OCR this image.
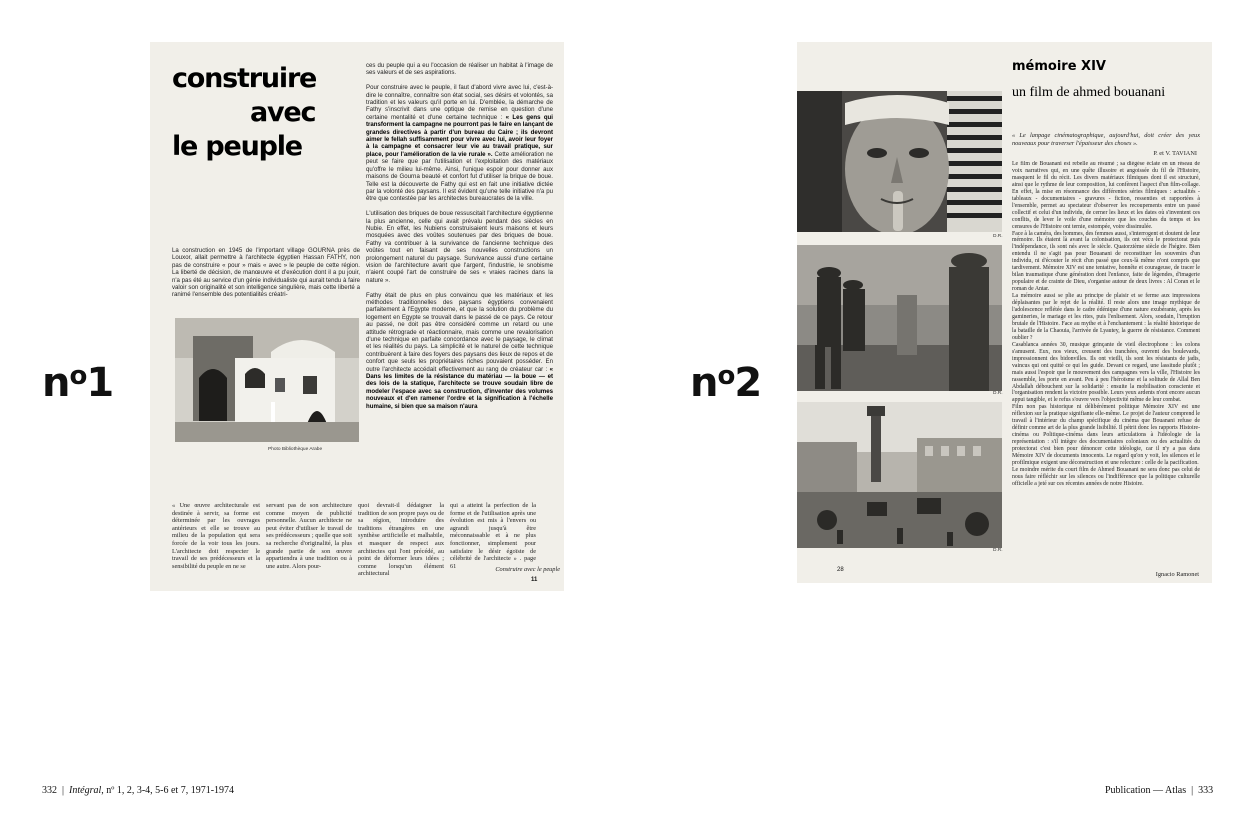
$n^o1$
construire
avec
le peuple
La construction en 1945 de l'important village GOURNA près de Louxor, allait permettre à l'architecte égyptien Hassan FATHY, non pas de construire « pour » mais « avec » le peuple de cette région. La liberté de décision, de manœuvre et d'exécution dont il a pu jouir, n'a pas été au service d'un génie individualiste qui aurait tendu à faire valoir son originalité et son intelligence singulière, mais cette liberté a ranimé l'ensemble des potentialités créatri-
Photo Bibliothèque Arabe
ces du peuple qui a eu l'occasion de réaliser un habitat à l'image de ses valeurs et de ses aspirations.

Pour construire avec le peuple, il faut d'abord vivre avec lui, c'est-à-dire le connaître, connaître son état social, ses désirs et volontés, sa tradition et les valeurs qu'il porte en lui. D'emblée, la démarche de Fathy s'inscrivit dans une optique de remise en question d'une certaine mentalité et d'une certaine technique : « Les gens qui transforment la campagne ne pourront pas le faire en lançant de grandes directives à partir d'un bureau du Caire ; ils devront aimer le fellah suffisamment pour vivre avec lui, avoir leur foyer à la campagne et consacrer leur vie au travail pratique, sur place, pour l'amélioration de la vie rurale ». Cette amélioration ne peut se faire que par l'utilisation et l'exploitation des matériaux qu'offre le milieu lui-même. Ainsi, l'unique espoir pour donner aux maisons de Gourna beauté et confort fut d'utiliser la brique de boue. Telle est la découverte de Fathy qui est en fait une initiative dictée par la volonté des paysans. Il est évident qu'une telle initiative n'a pu être que contestée par les architectes bureaucrates de la ville.

L'utilisation des briques de boue ressuscitait l'architecture égyptienne la plus ancienne, celle qui avait prévalu pendant des siècles en Nubie. En effet, les Nubiens construisaient leurs maisons et leurs mosquées avec des voûtes soutenues par des briques de boue. Fathy va contribuer à la survivance de l'ancienne technique des voûtes tout en faisant de ses nouvelles constructions un prolongement naturel du paysage. Survivance aussi d'une certaine vision de l'architecture avant que l'argent, l'industrie, le snobisme n'aient coupé l'art de construire de ses « vraies racines dans la nature ».

Fathy était de plus en plus convaincu que les matériaux et les méthodes traditionnelles des paysans égyptiens convenaient parfaitement à l'Egypte moderne, et que la solution du problème du logement en Egypte se trouvait dans le passé de ce pays. Ce retour au passé, ne doit pas être considéré comme un retard ou une attitude rétrograde et réactionnaire, mais comme une revalorisation d'une technique en parfaite concordance avec le paysage, le climat et les réalités du pays. La simplicité et le naturel de cette technique contribuèrent à faire des foyers des paysans des lieux de repos et de confort que seuls les propriétaires riches pouvaient posséder. En outre l'architecte accédait effectivement au rang de créateur car : « Dans les limites de la résistance du matériau — la boue — et des lois de la statique, l'architecte se trouve soudain libre de modeler l'espace avec sa construction, d'inventer des volumes nouveaux et d'en ramener l'ordre et la signification à l'échelle humaine, si bien que sa maison n'aura
« Une œuvre architecturale est destinée à servir, sa forme est déterminée par les ouvrages antérieurs et elle se trouve au milieu de la population qui sera forcée de la voir tous les jours. L'architecte doit respecter le travail de ses prédécesseurs et la sensibilité du peuple en ne se
servant pas de son architecture comme moyen de publicité personnelle. Aucun architecte ne peut éviter d'utiliser le travail de ses prédécesseurs ; quelle que soit sa recherche d'originalité, la plus grande partie de son œuvre appartiendra à une tradition ou à une autre. Alors pour-
quoi devrait-il dédaigner la tradition de son propre pays ou de sa région, introduire des traditions étrangères en une synthèse artificielle et malhabile, et masquer de respect aux architectes qui l'ont précédé, au point de déformer leurs idées ; comme lorsqu'un élément architectural
qui a atteint la perfection de la forme et de l'utilisation après une évolution est mis à l'envers ou agrandi jusqu'à être méconnaissable et à ne plus fonctionner, simplement pour satisfaire le désir égoïste de célébrité de l'architecte » . page 61	Construire avec le peuple
11
$n^o2$
mémoire XIV
un film de ahmed bouanani
D.R.
D.R.
D.R.
« Le lanpage cinématographique, aujourd'hui, doit créer des yeux nouveaux pour traverser l'épaisseur des choses ».
P. et V. TAVIANI
Le film de Bouanani est rebelle au résumé ; sa diégèse éclate en un réseau de voix narratives qui, en une quête illusoire et angoissée du fil de l'Histoire, masquent le fil du récit. Les divers matériaux filmiques dont il est structuré, ainsi que le rythme de leur composition, lui confèrent l'aspect d'un film-collage. En effet, la mise en résonnance des différentes séries filmiques : actualités - tableaux - documentaires - gravures - fiction, ressenties et rapportées à l'ensemble, permet au spectateur d'observer les recoupements entre un passé collectif et celui d'un individu, de cerner les lieux et les dates où s'inventent ces conflits, de lever le voile d'une mémoire que les couches du temps et les censures de l'Histoire ont ternie, estompée, voire dissimulée.
Face à la caméra, des hommes, des femmes aussi, s'interrogent et doutent de leur mémoire. Ils étaient là avant la colonisation, ils ont vécu le protectorat puis l'indépendance, ils sont nés avec le siècle. Quatorzième siècle de l'hégire. Bien entendu il ne s'agit pas pour Bouanani de reconstituer les souvenirs d'un individu, ni d'écouter le récit d'un passé que ceux-là même n'ont compris que tardivement. Mémoire XIV est une tentative, honnête et courageuse, de tracer le bilan traumatique d'une génération dont l'enfance, faite de légendes, d'imagerie populaire et de crainte de Dieu, s'organise autour de deux livres : Al Coran et le roman de Antar.
La mémoire aussi se plie au principe de plaisir et se ferme aux impressions déplaisantes par le rejet de la réalité. Il reste alors une image mythique de l'adolescence reflétée dans le cadre édénique d'une nature exubérante, après les gamineries, le mariage et les rites, puis l'enlisement. Alors, soudain, l'irruption brutale de l'Histoire. Face au mythe et à l'enchantement : la réalité historique de la bataille de la Chaouia, l'arrivée de Lyautey, la guerre de résistance. Comment oublier ?
Casablanca années 30, musique grinçante de vieil électrophone : les colons s'amusent. Eux, nos vieux, creusent des tranchées, ouvrent des boulevards, impressionnent des bidonvilles. Ils ont vieilli, ils sont les résistants de jadis, vaincus qui ont quitté ce qui les guide. Devant ce regard, une lassitude plutôt ; mais aussi l'espoir que le mouvement des campagnes vers la ville, l'Histoire les rassemble, les porte en avant. Peu à peu l'héroïsme et la solitude de Allal Ben Abdallah débouchent sur la solidarité : ensuite la mobilisation consciente et l'organisation rendent la victoire possible. Leurs yeux ardents n'ont encore aucun appui tangible, et le refus s'ouvre vers l'objectivité même de leur combat.
Film non pas historique ni délibérément politique Mémoire XIV est une réflexion sur la pratique signifiante elle-même. Le projet de l'auteur comprend le travail à l'intérieur du champ spécifique du cinéma que Bouanani refuse de définir comme art de la plus grande lisibilité. Il pétrit donc les rapports Histoire-cinéma ou Politique-cinéma dans leurs articulations à l'idéologie de la représentation : s'il intègre des documentaires coloniaux ou des actualités du protectorat c'est bien pour dénoncer cette idéologie, car il n'y a pas dans Mémoire XIV de documents innocents. Le regard qu'on y voit, les silences et le profilmique exigent une déconstruction et une relecture : celle de la pacification.
Le moindre mérite du court film de Ahmed Bouanani ne sera donc pas celui de nous faire réfléchir sur les silences ou l'indifférence que la politique culturelle officielle a jeté sur ces récentes années de notre Histoire.
Ignacio Ramonet
28
332  |  Intégral, nº 1, 2, 3-4, 5-6 et 7, 1971-1974	Publication — Atlas  |  333
